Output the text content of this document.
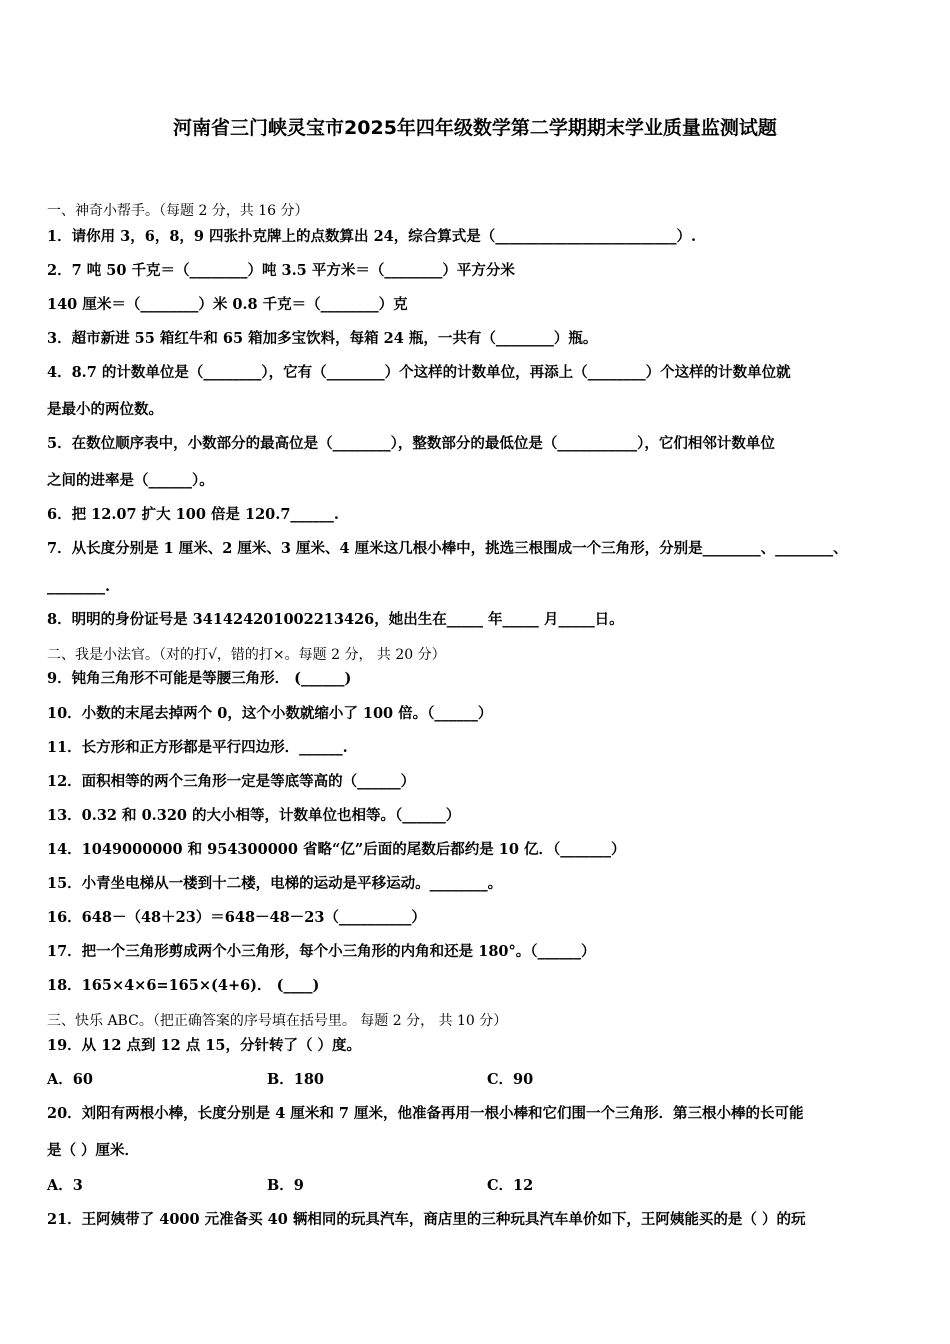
河南省三门峡灵宝市2025年四年级数学第二学期期末学业质量监测试题
一、神奇小帮手。（每题 2 分，共 16 分）
1．请你用 3，6，8，9 四张扑克牌上的点数算出 24，综合算式是（_________________________）.
2．7 吨 50 千克＝（________）吨 3.5 平方米＝（________）平方分米
140 厘米＝（________）米 0.8 千克＝（________）克
3．超市新进 55 箱红牛和 65 箱加多宝饮料，每箱 24 瓶，一共有（________）瓶。
4．8.7 的计数单位是（________），它有（________）个这样的计数单位，再添上（________）个这样的计数单位就
是最小的两位数。
5．在数位顺序表中，小数部分的最高位是（________），整数部分的最低位是（___________），它们相邻计数单位
之间的进率是（______）。
6．把 12.07 扩大 100 倍是 120.7______.
7．从长度分别是 1 厘米、2 厘米、3 厘米、4 厘米这几根小棒中，挑选三根围成一个三角形，分别是________、________、
________.
8．明明的身份证号是 341424201002213426，她出生在_____ 年_____ 月_____日。
二、我是小法官。（对的打√，错的打×。每题 2 分， 共 20 分）
9．钝角三角形不可能是等腰三角形． (______)
10．小数的末尾去掉两个 0，这个小数就缩小了 100 倍。（______）
11．长方形和正方形都是平行四边形．______.
12．面积相等的两个三角形一定是等底等高的（______）
13．0.32 和 0.320 的大小相等，计数单位也相等。（______）
14．1049000000 和 954300000 省略“亿”后面的尾数后都约是 10 亿．（_______）
15．小青坐电梯从一楼到十二楼，电梯的运动是平移运动。________。
16．648－（48＋23）＝648－48－23（__________）
17．把一个三角形剪成两个小三角形，每个小三角形的内角和还是 180°。（______）
18．165×4×6=165×(4+6)． (____)
三、快乐 ABC。（把正确答案的序号填在括号里。 每题 2 分， 共 10 分）
19．从 12 点到 12 点 15，分针转了（ ）度。
A．60	B．180	C．90
20．刘阳有两根小棒，长度分别是 4 厘米和 7 厘米，他准备再用一根小棒和它们围一个三角形．第三根小棒的长可能
是（ ）厘米．
A．3	B．9	C．12
21．王阿姨带了 4000 元准备买 40 辆相同的玩具汽车，商店里的三种玩具汽车单价如下，王阿姨能买的是（ ）的玩
